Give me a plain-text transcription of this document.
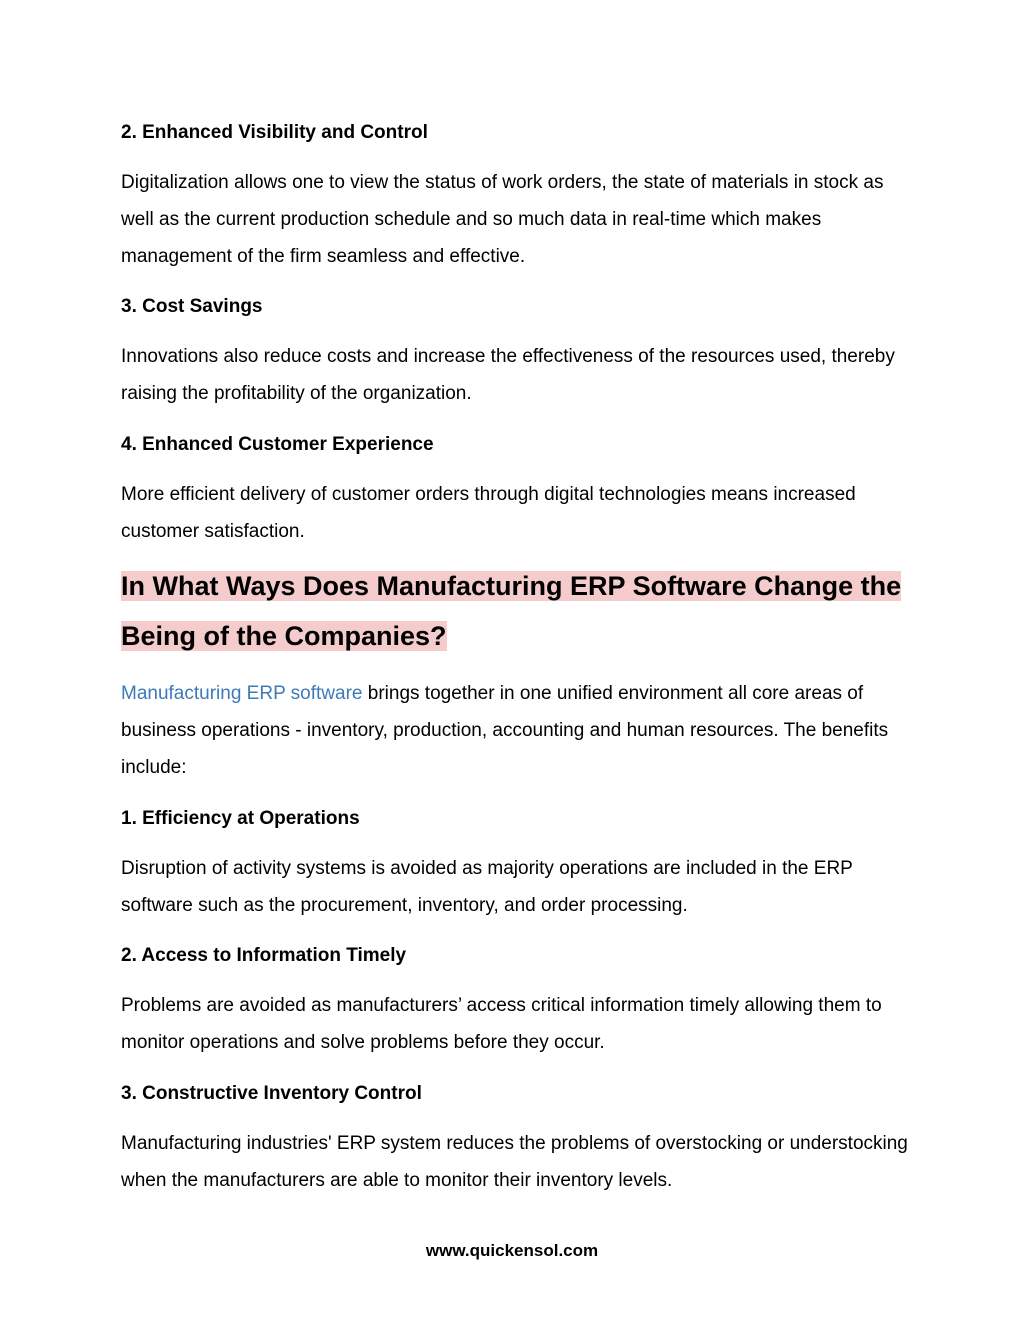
2. Enhanced Visibility and Control
Digitalization allows one to view the status of work orders, the state of materials in stock as well as the current production schedule and so much data in real-time which makes management of the firm seamless and effective.
3. Cost Savings
Innovations also reduce costs and increase the effectiveness of the resources used, thereby raising the profitability of the organization.
4. Enhanced Customer Experience
More efficient delivery of customer orders through digital technologies means increased customer satisfaction.
In What Ways Does Manufacturing ERP Software Change the
Being of the Companies?
Manufacturing ERP software brings together in one unified environment all core areas of business operations - inventory, production, accounting and human resources. The benefits include:
1. Efficiency at Operations
Disruption of activity systems is avoided as majority operations are included in the ERP software such as the procurement, inventory, and order processing.
2. Access to Information Timely
Problems are avoided as manufacturers’ access critical information timely allowing them to monitor operations and solve problems before they occur.
3. Constructive Inventory Control
Manufacturing industries' ERP system reduces the problems of overstocking or understocking when the manufacturers are able to monitor their inventory levels.
www.quickensol.com
